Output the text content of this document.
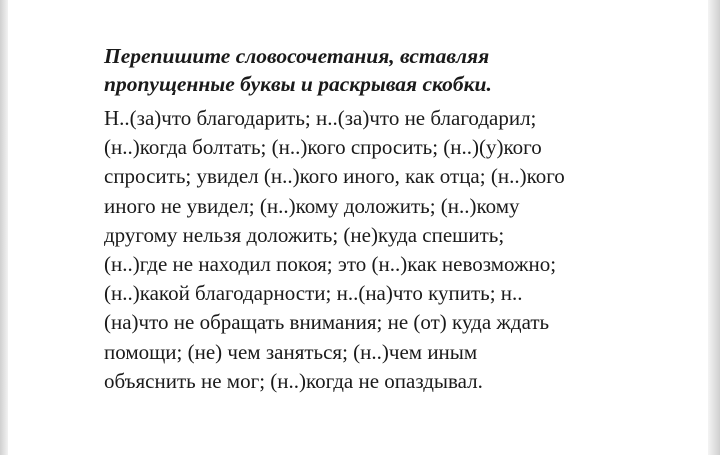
Перепишите словосочетания, вставляя
пропущенные буквы и раскрывая скобки.
Н..(за)что благодарить; н..(за)что не благодарил;
(н..)когда болтать; (н..)кого спросить; (н..)(у)кого
спросить; увидел (н..)кого иного, как отца; (н..)кого
иного не увидел; (н..)кому доложить; (н..)кому
другому нельзя доложить; (не)куда спешить;
(н..)где не находил покоя; это (н..)как невозможно;
(н..)какой благодарности; н..(на)что купить; н..
(на)что не обращать внимания; не (от) куда ждать
помощи; (не) чем заняться; (н..)чем иным
объяснить не мог; (н..)когда не опаздывал.
